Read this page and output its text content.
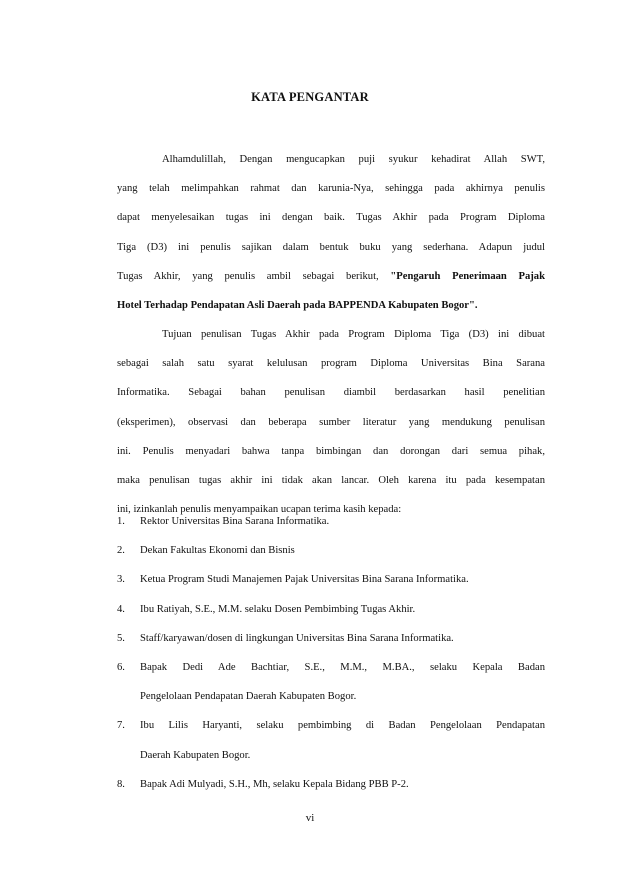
KATA PENGANTAR
Alhamdulillah, Dengan mengucapkan puji syukur kehadirat Allah SWT,
yang telah melimpahkan rahmat dan karunia-Nya, sehingga pada akhirnya penulis
dapat menyelesaikan tugas ini dengan baik. Tugas Akhir pada Program Diploma
Tiga (D3) ini penulis sajikan dalam bentuk buku yang sederhana. Adapun judul
Tugas Akhir, yang penulis ambil sebagai berikut, "Pengaruh Penerimaan Pajak
Hotel Terhadap Pendapatan Asli Daerah pada BAPPENDA Kabupaten Bogor".
Tujuan penulisan Tugas Akhir pada Program Diploma Tiga (D3) ini dibuat
sebagai salah satu syarat kelulusan program Diploma Universitas Bina Sarana
Informatika. Sebagai bahan penulisan diambil berdasarkan hasil penelitian
(eksperimen), observasi dan beberapa sumber literatur yang mendukung penulisan
ini. Penulis menyadari bahwa tanpa bimbingan dan dorongan dari semua pihak,
maka penulisan tugas akhir ini tidak akan lancar. Oleh karena itu pada kesempatan
ini, izinkanlah penulis menyampaikan ucapan terima kasih kepada:
1. Rektor Universitas Bina Sarana Informatika.
2. Dekan Fakultas Ekonomi dan Bisnis
3. Ketua Program Studi Manajemen Pajak Universitas Bina Sarana Informatika.
4. Ibu Ratiyah, S.E., M.M. selaku Dosen Pembimbing Tugas Akhir.
5. Staff/karyawan/dosen di lingkungan Universitas Bina Sarana Informatika.
6. Bapak Dedi Ade Bachtiar, S.E., M.M., M.BA., selaku Kepala Badan
Pengelolaan Pendapatan Daerah Kabupaten Bogor.
7. Ibu Lilis Haryanti, selaku pembimbing di Badan Pengelolaan Pendapatan
Daerah Kabupaten Bogor.
8. Bapak Adi Mulyadi, S.H., Mh, selaku Kepala Bidang PBB P-2.
vi
